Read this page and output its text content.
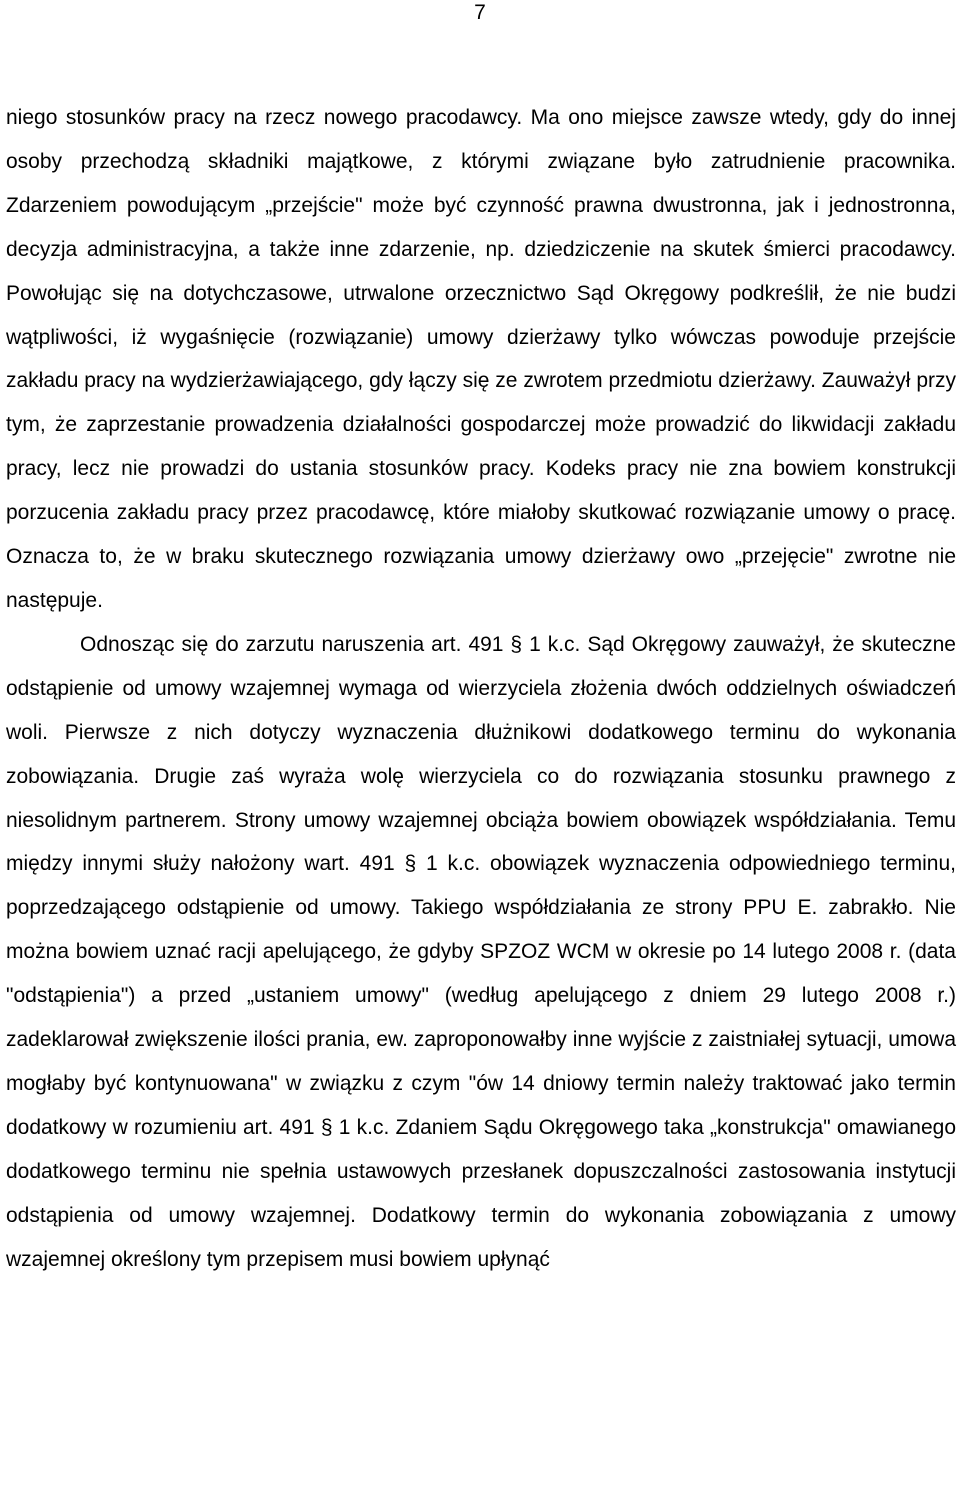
7

niego stosunków pracy na rzecz nowego pracodawcy. Ma ono miejsce zawsze wtedy, gdy do innej osoby przechodzą składniki majątkowe, z którymi związane było zatrudnienie pracownika. Zdarzeniem powodującym „przejście" może być czynność prawna dwustronna, jak i jednostronna, decyzja administracyjna, a także inne zdarzenie, np. dziedziczenie na skutek śmierci pracodawcy. Powołując się na dotychczasowe, utrwalone orzecznictwo Sąd Okręgowy podkreślił, że nie budzi wątpliwości, iż wygaśnięcie (rozwiązanie) umowy dzierżawy tylko wówczas powoduje przejście zakładu pracy na wydzierżawiającego, gdy łączy się ze zwrotem przedmiotu dzierżawy. Zauważył przy tym, że zaprzestanie prowadzenia działalności gospodarczej może prowadzić do likwidacji zakładu pracy, lecz nie prowadzi do ustania stosunków pracy. Kodeks pracy nie zna bowiem konstrukcji porzucenia zakładu pracy przez pracodawcę, które miałoby skutkować rozwiązanie umowy o pracę. Oznacza to, że w braku skutecznego rozwiązania umowy dzierżawy owo „przejęcie" zwrotne nie następuje.

Odnosząc się do zarzutu naruszenia art. 491 § 1 k.c. Sąd Okręgowy zauważył, że skuteczne odstąpienie od umowy wzajemnej wymaga od wierzyciela złożenia dwóch oddzielnych oświadczeń woli. Pierwsze z nich dotyczy wyznaczenia dłużnikowi dodatkowego terminu do wykonania zobowiązania. Drugie zaś wyraża wolę wierzyciela co do rozwiązania stosunku prawnego z niesolidnym partnerem. Strony umowy wzajemnej obciąża bowiem obowiązek współdziałania. Temu między innymi służy nałożony wart. 491 § 1 k.c. obowiązek wyznaczenia odpowiedniego terminu, poprzedzającego odstąpienie od umowy. Takiego współdziałania ze strony PPU E. zabrakło. Nie można bowiem uznać racji apelującego, że gdyby SPZOZ WCM w okresie po 14 lutego 2008 r. (data "odstąpienia") a przed „ustaniem umowy" (według apelującego z dniem 29 lutego 2008 r.) zadeklarował zwiększenie ilości prania, ew. zaproponowałby inne wyjście z zaistniałej sytuacji, umowa mogłaby być kontynuowana" w związku z czym "ów 14 dniowy termin należy traktować jako termin dodatkowy w rozumieniu art. 491 § 1 k.c. Zdaniem Sądu Okręgowego taka „konstrukcja" omawianego dodatkowego terminu nie spełnia ustawowych przesłanek dopuszczalności zastosowania instytucji odstąpienia od umowy wzajemnej. Dodatkowy termin do wykonania zobowiązania z umowy wzajemnej określony tym przepisem musi bowiem upłynąć
